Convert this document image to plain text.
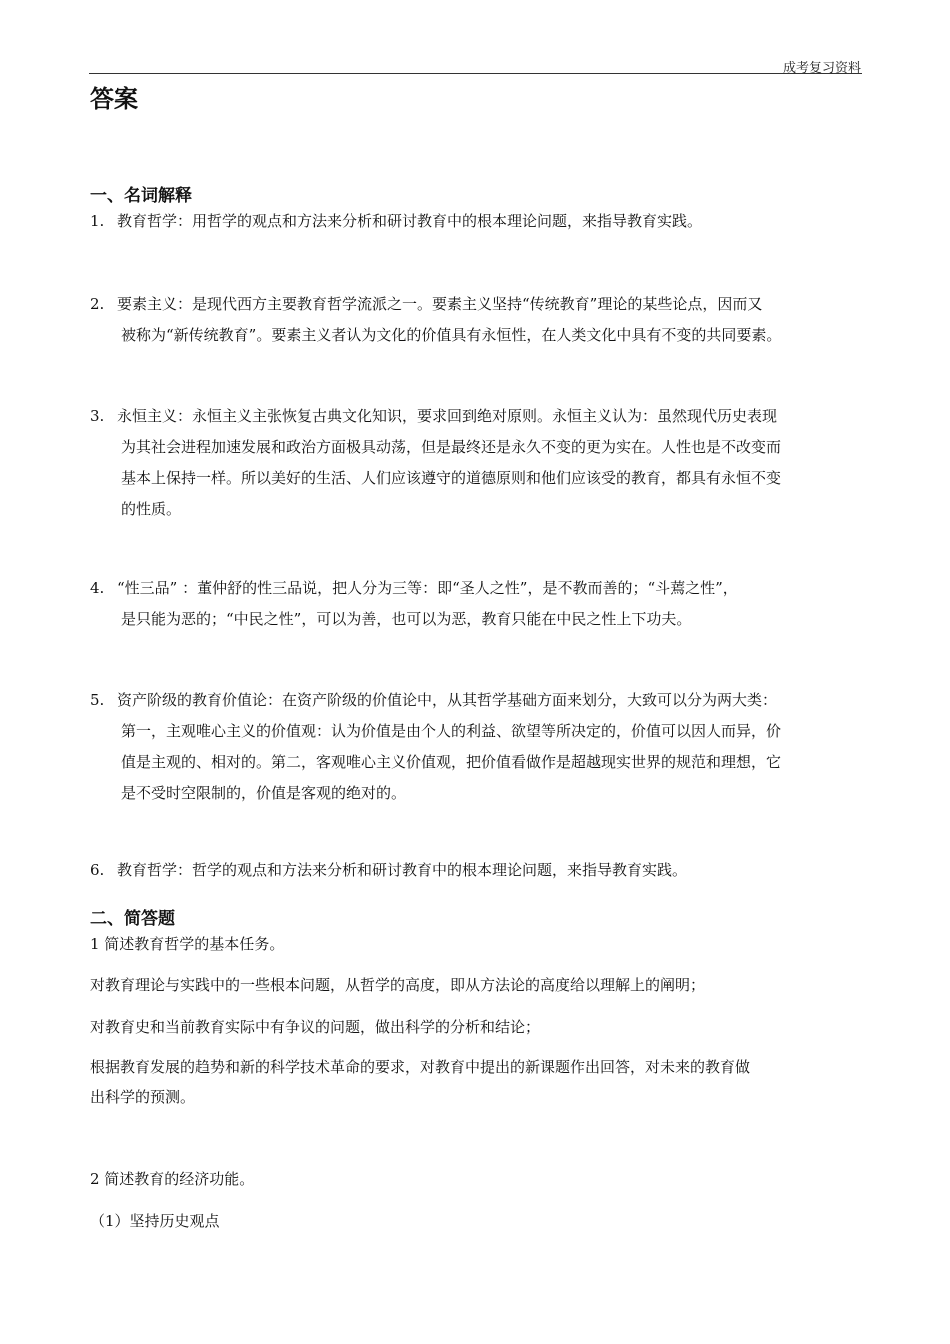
成考复习资料
答案
一、名词解释
1. 教育哲学：用哲学的观点和方法来分析和研讨教育中的根本理论问题，来指导教育实践。
2. 要素主义：是现代西方主要教育哲学流派之一。要素主义坚持“传统教育”理论的某些论点，因而又
被称为“新传统教育”。要素主义者认为文化的价值具有永恒性，在人类文化中具有不变的共同要素。
3. 永恒主义：永恒主义主张恢复古典文化知识，要求回到绝对原则。永恒主义认为：虽然现代历史表现
为其社会进程加速发展和政治方面极具动荡，但是最终还是永久不变的更为实在。人性也是不改变而
基本上保持一样。所以美好的生活、人们应该遵守的道德原则和他们应该受的教育，都具有永恒不变
的性质。
4. “性三品” ：董仲舒的性三品说，把人分为三等：即“圣人之性”，是不教而善的；“斗蔫之性”，
是只能为恶的；“中民之性”，可以为善，也可以为恶，教育只能在中民之性上下功夫。
5. 资产阶级的教育价值论：在资产阶级的价值论中，从其哲学基础方面来划分，大致可以分为两大类：
第一，主观唯心主义的价值观：认为价值是由个人的利益、欲望等所决定的，价值可以因人而异，价
值是主观的、相对的。第二，客观唯心主义价值观，把价值看做作是超越现实世界的规范和理想，它
是不受时空限制的，价值是客观的绝对的。
6. 教育哲学：哲学的观点和方法来分析和研讨教育中的根本理论问题，来指导教育实践。
二、简答题
1 简述教育哲学的基本任务。
对教育理论与实践中的一些根本问题，从哲学的高度，即从方法论的高度给以理解上的阐明；
对教育史和当前教育实际中有争议的问题，做出科学的分析和结论；
根据教育发展的趋势和新的科学技术革命的要求，对教育中提出的新课题作出回答，对未来的教育做
出科学的预测。
2 简述教育的经济功能。
（1）坚持历史观点
